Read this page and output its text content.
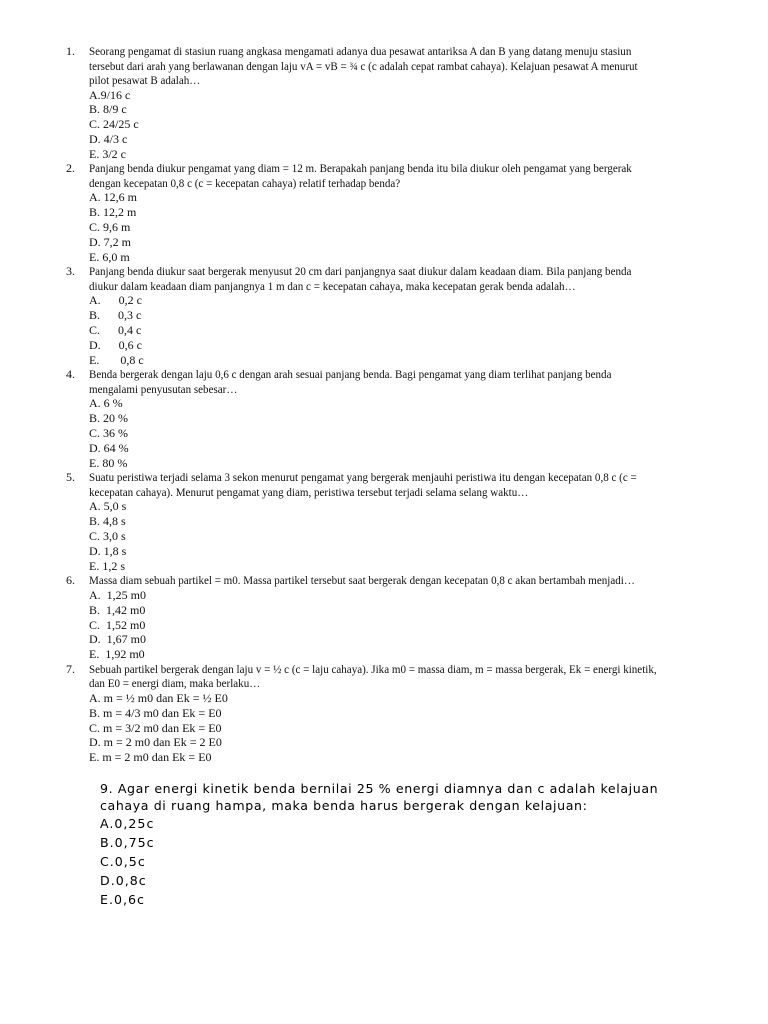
1. Seorang pengamat di stasiun ruang angkasa mengamati adanya dua pesawat antariksa A dan B yang datang menuju stasiun tersebut dari arah yang berlawanan dengan laju vA = vB = ¾ c (c adalah cepat rambat cahaya). Kelajuan pesawat A menurut pilot pesawat B adalah…
A.9/16 c
B. 8/9 c
C. 24/25 c
D. 4/3 c
E. 3/2 c
2. Panjang benda diukur pengamat yang diam = 12 m. Berapakah panjang benda itu bila diukur oleh pengamat yang bergerak dengan kecepatan 0,8 c (c = kecepatan cahaya) relatif terhadap benda?
A. 12,6 m
B. 12,2 m
C. 9,6 m
D. 7,2 m
E. 6,0 m
3. Panjang benda diukur saat bergerak menyusut 20 cm dari panjangnya saat diukur dalam keadaan diam. Bila panjang benda diukur dalam keadaan diam panjangnya 1 m dan c = kecepatan cahaya, maka kecepatan gerak benda adalah…
A.      0,2 c
B.      0,3 c
C.      0,4 c
D.      0,6 c
E.       0,8 c
4. Benda bergerak dengan laju 0,6 c dengan arah sesuai panjang benda. Bagi pengamat yang diam terlihat panjang benda mengalami penyusutan sebesar…
A. 6 %
B. 20 %
C. 36 %
D. 64 %
E. 80 %
5. Suatu peristiwa terjadi selama 3 sekon menurut pengamat yang bergerak menjauhi peristiwa itu dengan kecepatan 0,8 c (c = kecepatan cahaya). Menurut pengamat yang diam, peristiwa tersebut terjadi selama selang waktu…
A. 5,0 s
B. 4,8 s
C. 3,0 s
D. 1,8 s
E. 1,2 s
6. Massa diam sebuah partikel = m0. Massa partikel tersebut saat bergerak dengan kecepatan 0,8 c akan bertambah menjadi…
A.  1,25 m0
B.  1,42 m0
C.  1,52 m0
D.  1,67 m0
E.  1,92 m0
7. Sebuah partikel bergerak dengan laju v = ½ c (c = laju cahaya). Jika m0 = massa diam, m = massa bergerak, Ek = energi kinetik, dan E0 = energi diam, maka berlaku…
A. m = ½ m0 dan Ek = ½ E0
B. m = 4/3 m0 dan Ek = E0
C. m = 3/2 m0 dan Ek = E0
D. m = 2 m0 dan Ek = 2 E0
E. m = 2 m0 dan Ek = E0
9. Agar energi kinetik benda bernilai 25 % energi diamnya dan c adalah kelajuan cahaya di ruang hampa, maka benda harus bergerak dengan kelajuan:
A.0,25c
B.0,75c
C.0,5c
D.0,8c
E.0,6c
